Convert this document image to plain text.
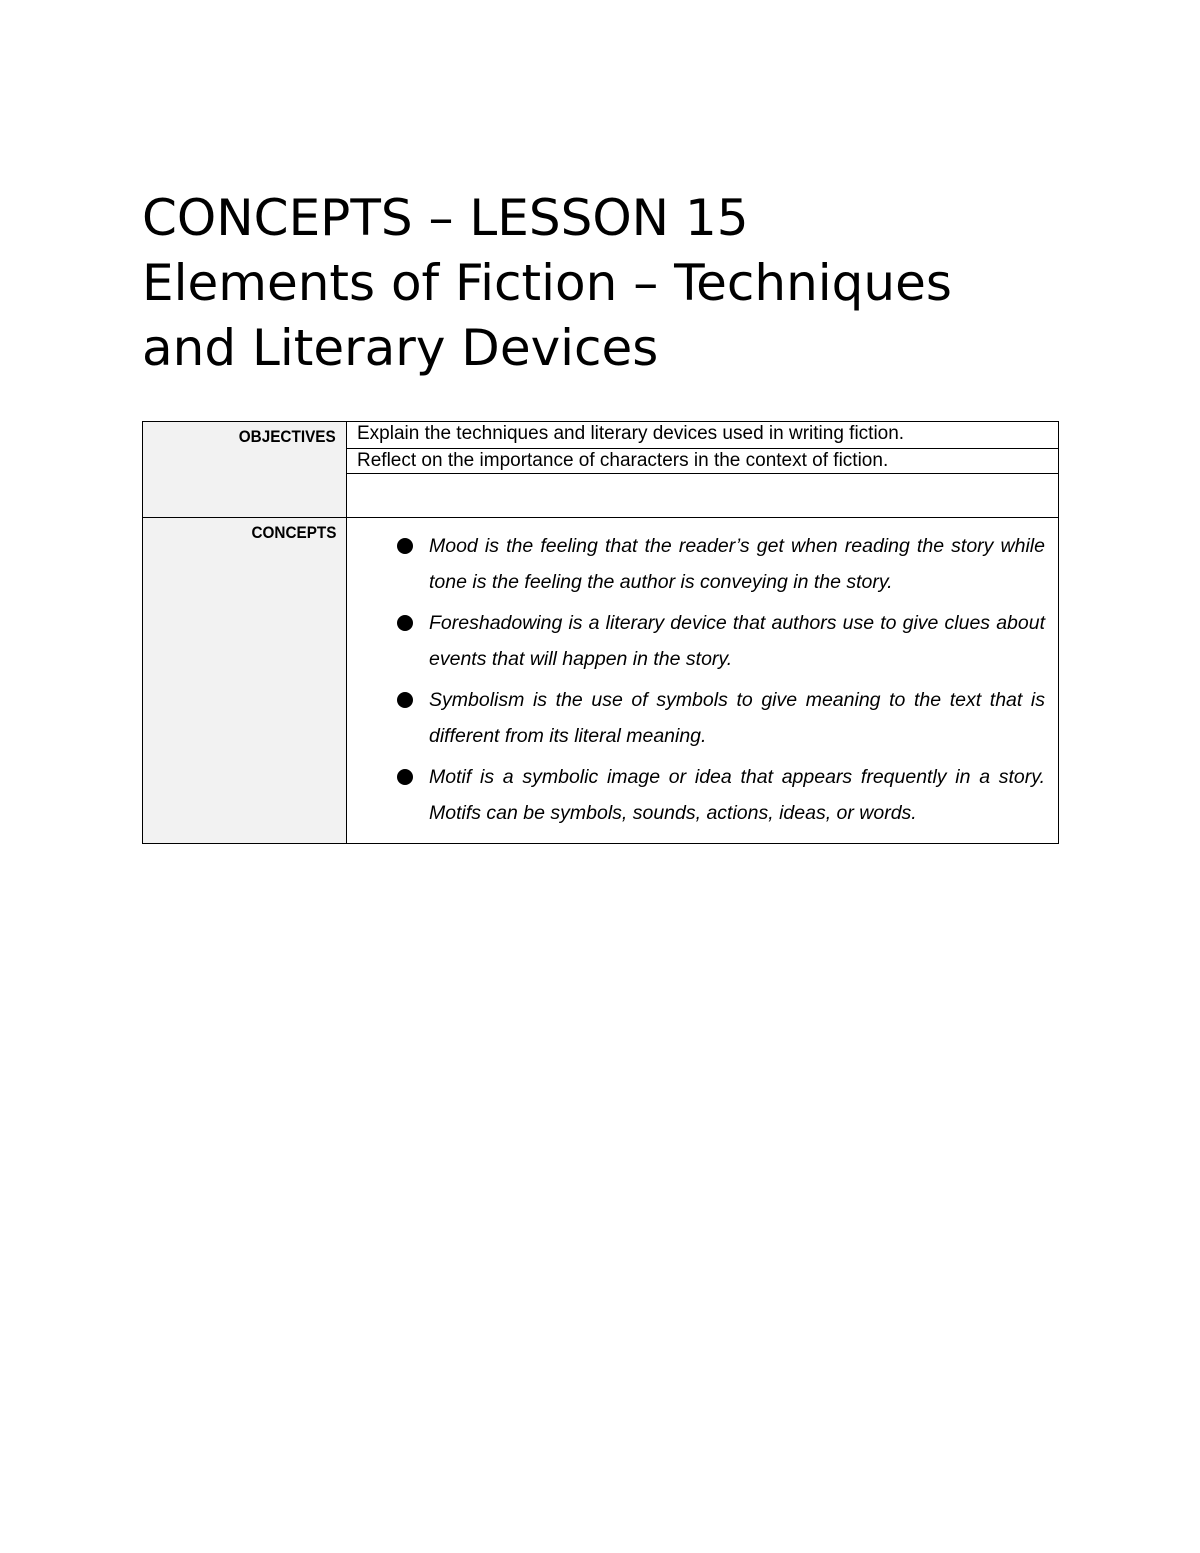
CONCEPTS – LESSON 15
Elements of Fiction – Techniques
and Literary Devices
OBJECTIVES	Explain the techniques and literary devices used in writing fiction.
Reflect on the importance of characters in the context of fiction.
CONCEPTS
Mood is the feeling that the reader’s get when reading the story while tone is the feeling the author is conveying in the story.
Foreshadowing is a literary device that authors use to give clues about events that will happen in the story.
Symbolism is the use of symbols to give meaning to the text that is different from its literal meaning.
Motif is a symbolic image or idea that appears frequently in a story. Motifs can be symbols, sounds, actions, ideas, or words.
